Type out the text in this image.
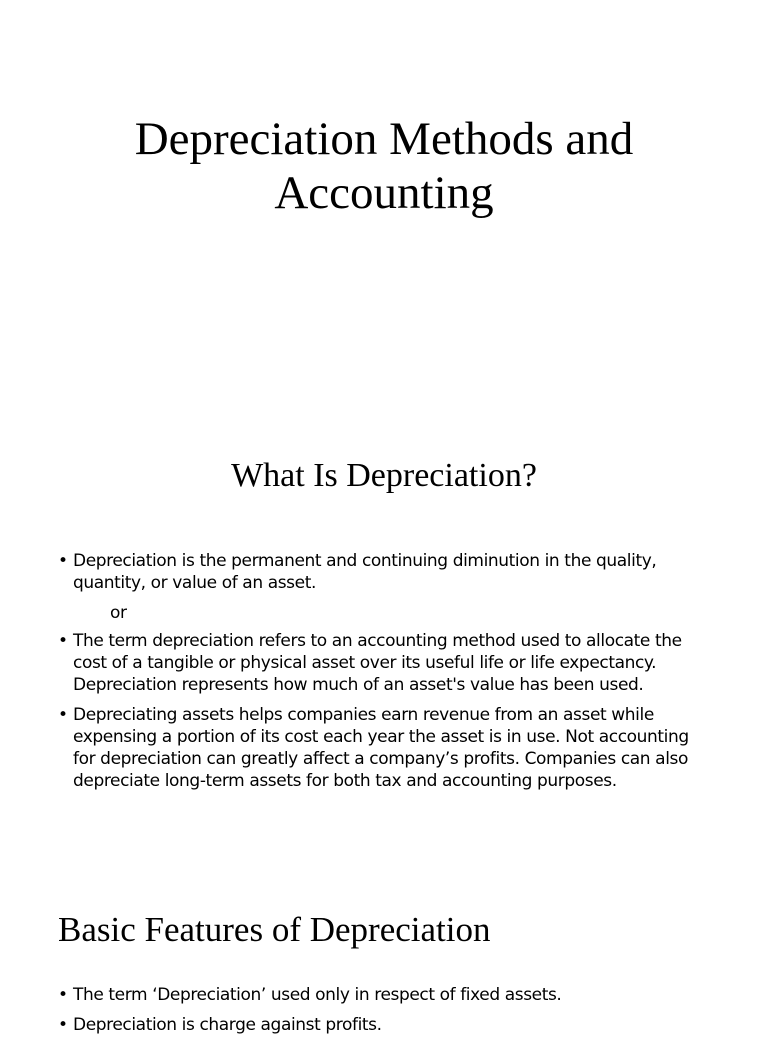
Depreciation Methods and
Accounting
What Is Depreciation?
• Depreciation is the permanent and continuing diminution in the quality, quantity, or value of an asset.
or
• The term depreciation refers to an accounting method used to allocate the cost of a tangible or physical asset over its useful life or life expectancy. Depreciation represents how much of an asset's value has been used.
• Depreciating assets helps companies earn revenue from an asset while expensing a portion of its cost each year the asset is in use. Not accounting for depreciation can greatly affect a company’s profits. Companies can also depreciate long-term assets for both tax and accounting purposes.
Basic Features of Depreciation
• The term ‘Depreciation’ used only in respect of fixed assets.
• Depreciation is charge against profits.
